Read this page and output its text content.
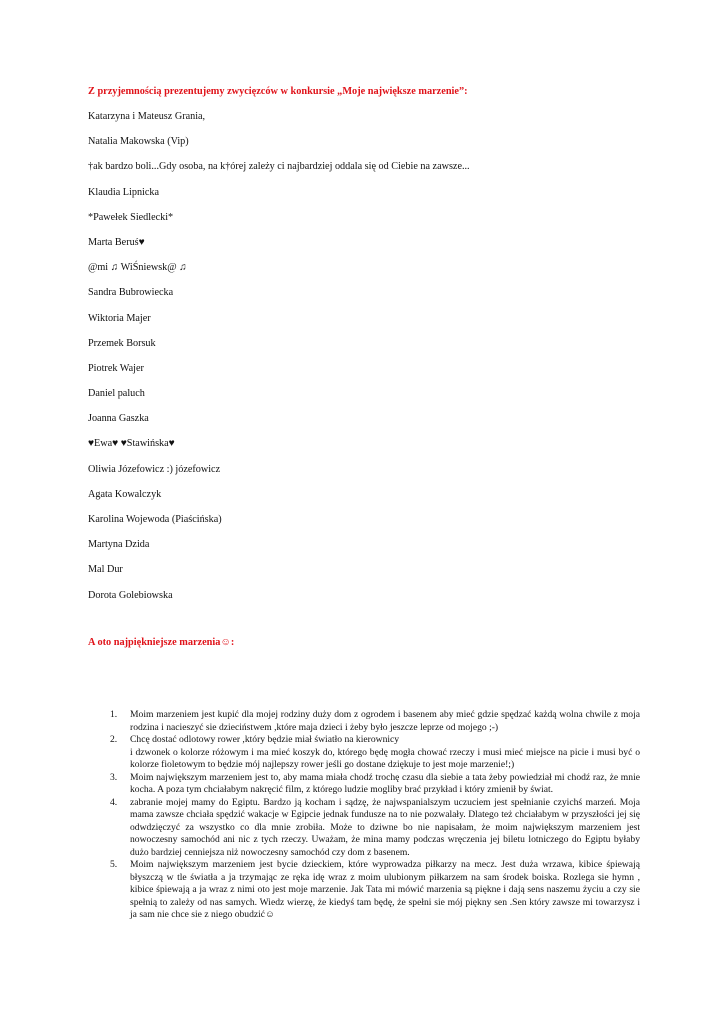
Z przyjemnością prezentujemy zwycięzców w konkursie „Moje największe marzenie”:
Katarzyna i Mateusz Grania,
Natalia Makowska (Vip)
†ak bardzo boli...Gdy osoba, na k†órej zależy ci najbardziej oddala się od Ciebie na zawsze...
Klaudia Lipnicka
*Pawełek Siedlecki*
Marta Beruś♥
@mi ♫ WiŚniewsk@ ♫
Sandra Bubrowiecka
Wiktoria Majer
Przemek Borsuk
Piotrek Wajer
Daniel paluch
Joanna Gaszka
♥Ewa♥ ♥Stawińska♥
Oliwia Józefowicz :) józefowicz
Agata Kowalczyk
Karolina Wojewoda (Piaścińska)
Martyna Dzida
Mal Dur
Dorota Golebiowska
A oto najpiękniejsze marzenia☺:
1. Moim marzeniem jest kupić dla mojej rodziny duży dom z ogrodem i basenem aby mieć gdzie spędzać każdą wolna chwile z moja rodzina i nacieszyć sie dzieciństwem ,które maja dzieci i żeby było jeszcze leprze od mojego ;-)
2. Chcę dostać odlotowy rower ,który będzie miał światło na kierownicy
i dzwonek o kolorze różowym i ma mieć koszyk do, którego będę mogła chować rzeczy i musi mieć miejsce na picie i musi być o kolorze fioletowym to będzie mój najlepszy rower jeśli go dostane dziękuje to jest moje marzenie!;)
3. Moim największym marzeniem jest to, aby mama miała chodź trochę czasu dla siebie a tata żeby powiedział mi chodź raz, że mnie kocha. A poza tym chciałabym nakręcić film, z którego ludzie mogliby brać przykład i który zmienił by świat.
4. zabranie mojej mamy do Egiptu. Bardzo ją kocham i sądzę, że najwspanialszym uczuciem jest spełnianie czyichś marzeń. Moja mama zawsze chciała spędzić wakacje w Egipcie jednak fundusze na to nie pozwalały. Dlatego też chciałabym w przyszłości jej się odwdzięczyć za wszystko co dla mnie zrobiła. Może to dziwne bo nie napisałam, że moim największym marzeniem jest nowoczesny samochód ani nic z tych rzeczy. Uważam, że mina mamy podczas wręczenia jej biletu lotniczego do Egiptu byłaby dużo bardziej cenniejsza niż nowoczesny samochód czy dom z basenem.
5. Moim największym marzeniem jest bycie dzieckiem, które wyprowadza piłkarzy na mecz. Jest duża wrzawa, kibice śpiewają błyszczą w tle światła a ja trzymając ze ręka idę wraz z moim ulubionym piłkarzem na sam środek boiska. Rozlega sie hymn , kibice śpiewają a ja wraz z nimi oto jest moje marzenie. Jak Tata mi mówić marzenia są piękne i dają sens naszemu życiu a czy sie spełnią to zależy od nas samych. Wiedz wierzę, że kiedyś tam będę, że spełni sie mój piękny sen .Sen który zawsze mi towarzysz i ja sam nie chce sie z niego obudzić☺
